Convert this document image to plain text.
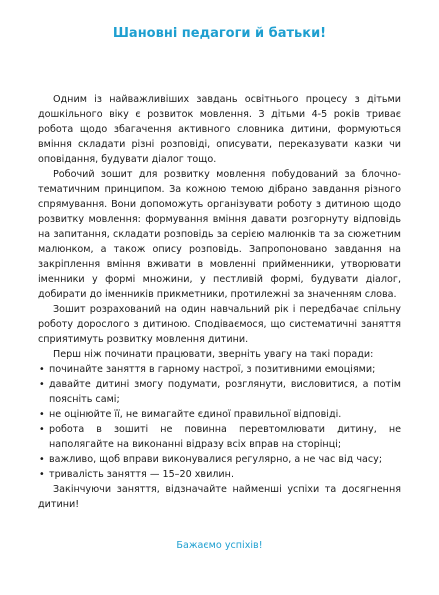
Шановні педагоги й батьки!

Одним із найважливіших завдань освітнього процесу з дітьми дошкільного віку є розвиток мовлення. З дітьми 4-5 років триває робота щодо збагачення активного словника дитини, формуються вміння складати різні розповіді, описувати, переказувати казки чи оповідання, будувати діалог тощо.

Робочий зошит для розвитку мовлення побудований за блочно-тематичним принципом. За кожною темою дібрано завдання різного спрямування. Вони допоможуть організувати роботу з дитиною щодо розвитку мовлення: формування вміння давати розгорнуту відповідь на запитання, складати розповідь за серією малюнків та за сюжетним малюнком, а також опису розповідь. Запропоновано завдання на закріплення вміння вживати в мовленні прийменники, утворювати іменники у формі множини, у пестливій формі, будувати діалог, добирати до іменників прикметники, протилежні за значенням слова.

Зошит розрахований на один навчальний рік і передбачає спільну роботу дорослого з дитиною. Сподіваємося, що систематичні заняття сприятимуть розвитку мовлення дитини.

Перш ніж починати працювати, зверніть увагу на такі поради:

• починайте заняття в гарному настрої, з позитивними емоціями;
• давайте дитині змогу подумати, розглянути, висловитися, а потім поясніть самі;
• не оцінюйте її, не вимагайте єдиної правильної відповіді.
• робота в зошиті не повинна перевтомлювати дитину, не наполягайте на виконанні відразу всіх вправ на сторінці;
• важливо, щоб вправи виконувалися регулярно, а не час від часу;
• тривалість заняття — 15–20 хвилин.

Закінчуючи заняття, відзначайте найменші успіхи та досягнення дитини!

Бажаємо успіхів!
